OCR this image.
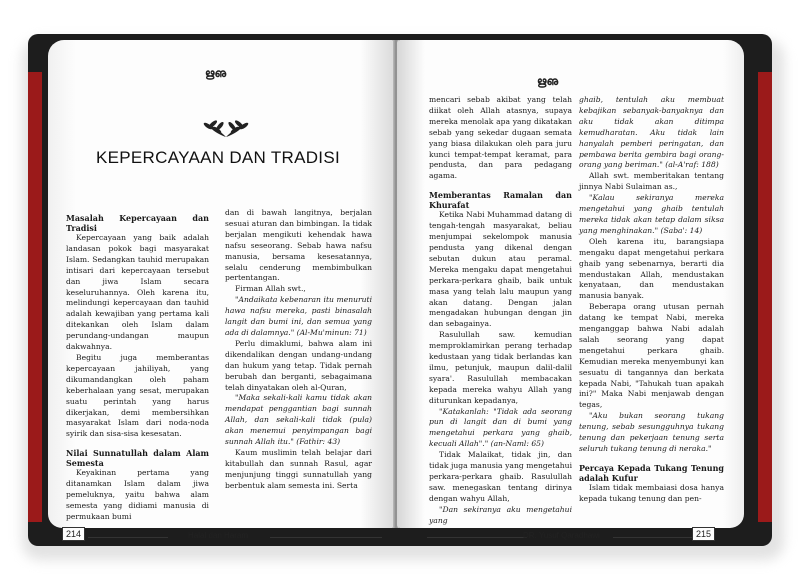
ഋഌ
KEPERCAYAAN DAN TRADISI
Masalah Kepercayaan dan Tradisi

Kepercayaan yang baik adalah landasan pokok bagi masyarakat Islam. Sedangkan tauhid merupakan intisari dari kepercayaan tersebut dan jiwa Islam secara keseluruhannya. Oleh karena itu, melindungi kepercayaan dan tauhid adalah kewajiban yang pertama kali ditekankan oleh Islam dalam perundang-undangan maupun dakwahnya.

Begitu juga memberantas kepercayaan jahiliyah, yang dikumandangkan oleh paham keberhalaan yang sesat, merupakan suatu perintah yang harus dikerjakan, demi membersihkan masyarakat Islam dari noda-noda syirik dan sisa-sisa kesesatan.

Nilai Sunnatullah dalam Alam Semesta

Keyakinan pertama yang ditanamkan Islam dalam jiwa pemeluknya, yaitu bahwa alam semesta yang didiami manusia di permukaan bumi

dan di bawah langitnya, berjalan sesuai aturan dan bimbingan. Ia tidak berjalan mengikuti kehendak hawa nafsu seseorang. Sebab hawa nafsu manusia, bersama kesesatannya, selalu cenderung membimbulkan pertentangan.

Firman Allah swt.,

"Andaikata kebenaran itu menuruti hawa nafsu mereka, pasti binasalah langit dan bumi ini, dan semua yang ada di dalamnya." (Al-Mu'minun: 71)

Perlu dimaklumi, bahwa alam ini dikendalikan dengan undang-undang dan hukum yang tetap. Tidak pernah berubah dan berganti, sebagaimana telah dinyatakan oleh al-Quran,

"Maka sekali-kali kamu tidak akan mendapat penggantian bagi sunnah Allah, dan sekali-kali tidak (pula) akan menemui penyimpangan bagi sunnah Allah itu." (Fathir: 43)

Kaum muslimin telah belajar dari kitabullah dan sunnah Rasul, agar menjunjung tinggi sunnatullah yang berbentuk alam semesta ini. Serta

Halal dan Haram
214
ഋഌ

mencari sebab akibat yang telah diikat oleh Allah atasnya, supaya mereka menolak apa yang dikatakan sebab yang sekedar dugaan semata yang biasa dilakukan oleh para juru kunci tempat-tempat keramat, para pendusta, dan para pedagang agama.

Memberantas Ramalan dan Khurafat

Ketika Nabi Muhammad datang di tengah-tengah masyarakat, beliau menjumpai sekelompok manusia pendusta yang dikenal dengan sebutan dukun atau peramal. Mereka mengaku dapat mengetahui perkara-perkara ghaib, baik untuk masa yang telah lalu maupun yang akan datang. Dengan jalan mengadakan hubungan dengan jin dan sebagainya.

Rasulullah saw. kemudian memproklamirkan perang terhadap kedustaan yang tidak berlandas kan ilmu, petunjuk, maupun dalil-dalil syara'. Rasulullah membacakan kepada mereka wahyu Allah yang diturunkan kepadanya,

"Katakanlah: "Tidak ada seorang pun di langit dan di bumi yang mengetahui perkara yang ghaib, kecuali Allah"." (an-Naml: 65)

Tidak Malaikat, tidak jin, dan tidak juga manusia yang mengetahui perkara-perkara ghaib. Rasulullah saw. menegaskan tentang dirinya dengan wahyu Allah,

"Dan sekiranya aku mengetahui yang

ghaib, tentulah aku membuat kebajikan sebanyak-banyaknya dan aku tidak akan ditimpa kemudharatan. Aku tidak lain hanyalah pemberi peringatan, dan pembawa berita gembira bagi orang-orang yang beriman." (al-A'raf: 188)

Allah swt. memberitakan tentang jinnya Nabi Sulaiman as.,

"Kalau sekiranya mereka mengetahui yang ghaib tentulah mereka tidak akan tetap dalam siksa yang menghinakan." (Saba': 14)

Oleh karena itu, barangsiapa mengaku dapat mengetahui perkara ghaib yang sebenarnya, berarti dia mendustakan Allah, mendustakan kenyataan, dan mendustakan manusia banyak.

Beberapa orang utusan pernah datang ke tempat Nabi, mereka menganggap bahwa Nabi adalah salah seorang yang dapat mengetahui perkara ghaib. Kemudian mereka menyembunyi kan sesuatu di tangannya dan berkata kepada Nabi, "Tahukah tuan apakah ini?" Maka Nabi menjawab dengan tegas,

"Aku bukan seorang tukang tenung, sebab sesungguhnya tukang tenung dan pekerjaan tenung serta seluruh tukang tenung di neraka."

Percaya Kepada Tukang Tenung adalah Kufur

Islam tidak membaiasi dosa hanya kepada tukang tenung dan pen-

DR. Yusuf Qaradhawi	215
